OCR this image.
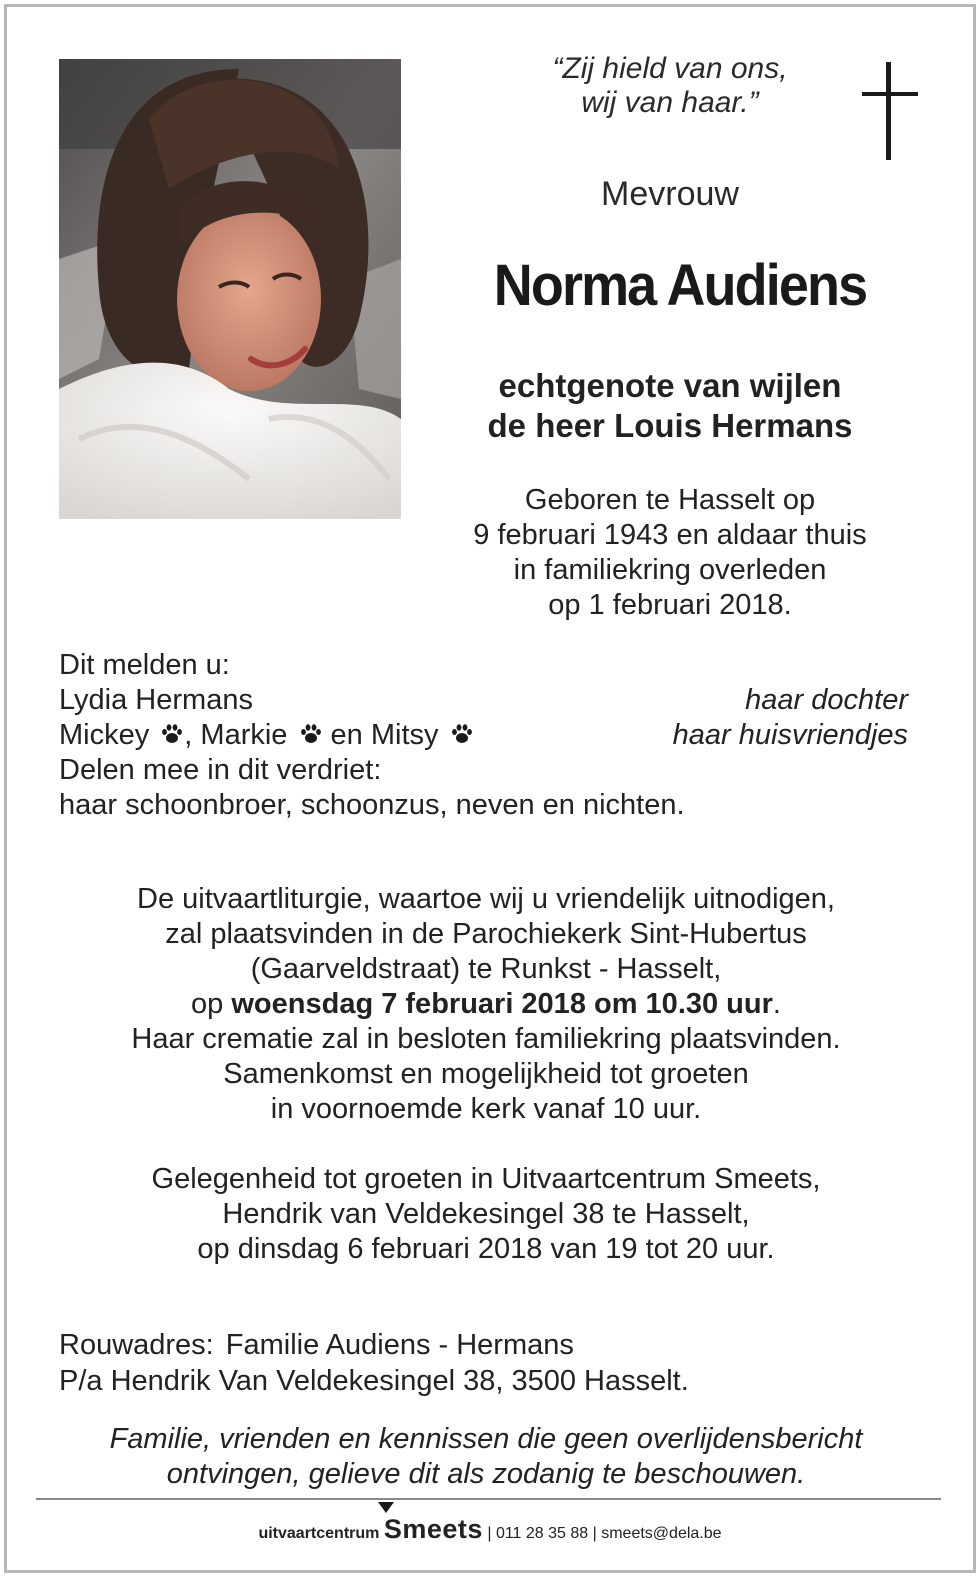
“Zij hield van ons,
wij van haar.”
Mevrouw
Norma Audiens
echtgenote van wijlen
de heer Louis Hermans
Geboren te Hasselt op
9 februari 1943 en aldaar thuis
in familiekring overleden
op 1 februari 2018.
Dit melden u:
Lydia Hermans	haar dochter
Mickey , Markie  en Mitsy	haar huisvriendjes
Delen mee in dit verdriet:
haar schoonbroer, schoonzus, neven en nichten.
De uitvaartliturgie, waartoe wij u vriendelijk uitnodigen,
zal plaatsvinden in de Parochiekerk Sint-Hubertus
(Gaarveldstraat) te Runkst - Hasselt,
op woensdag 7 februari 2018 om 10.30 uur.
Haar crematie zal in besloten familiekring plaatsvinden.
Samenkomst en mogelijkheid tot groeten
in voornoemde kerk vanaf 10 uur.
Gelegenheid tot groeten in Uitvaartcentrum Smeets,
Hendrik van Veldekesingel 38 te Hasselt,
op dinsdag 6 februari 2018 van 19 tot 20 uur.
Rouwadres: Familie Audiens - Hermans
P/a Hendrik Van Veldekesingel 38, 3500 Hasselt.
Familie, vrienden en kennissen die geen overlijdensbericht
ontvingen, gelieve dit als zodanig te beschouwen.
uitvaartcentrum Smeets | 011 28 35 88 | smeets@dela.be
